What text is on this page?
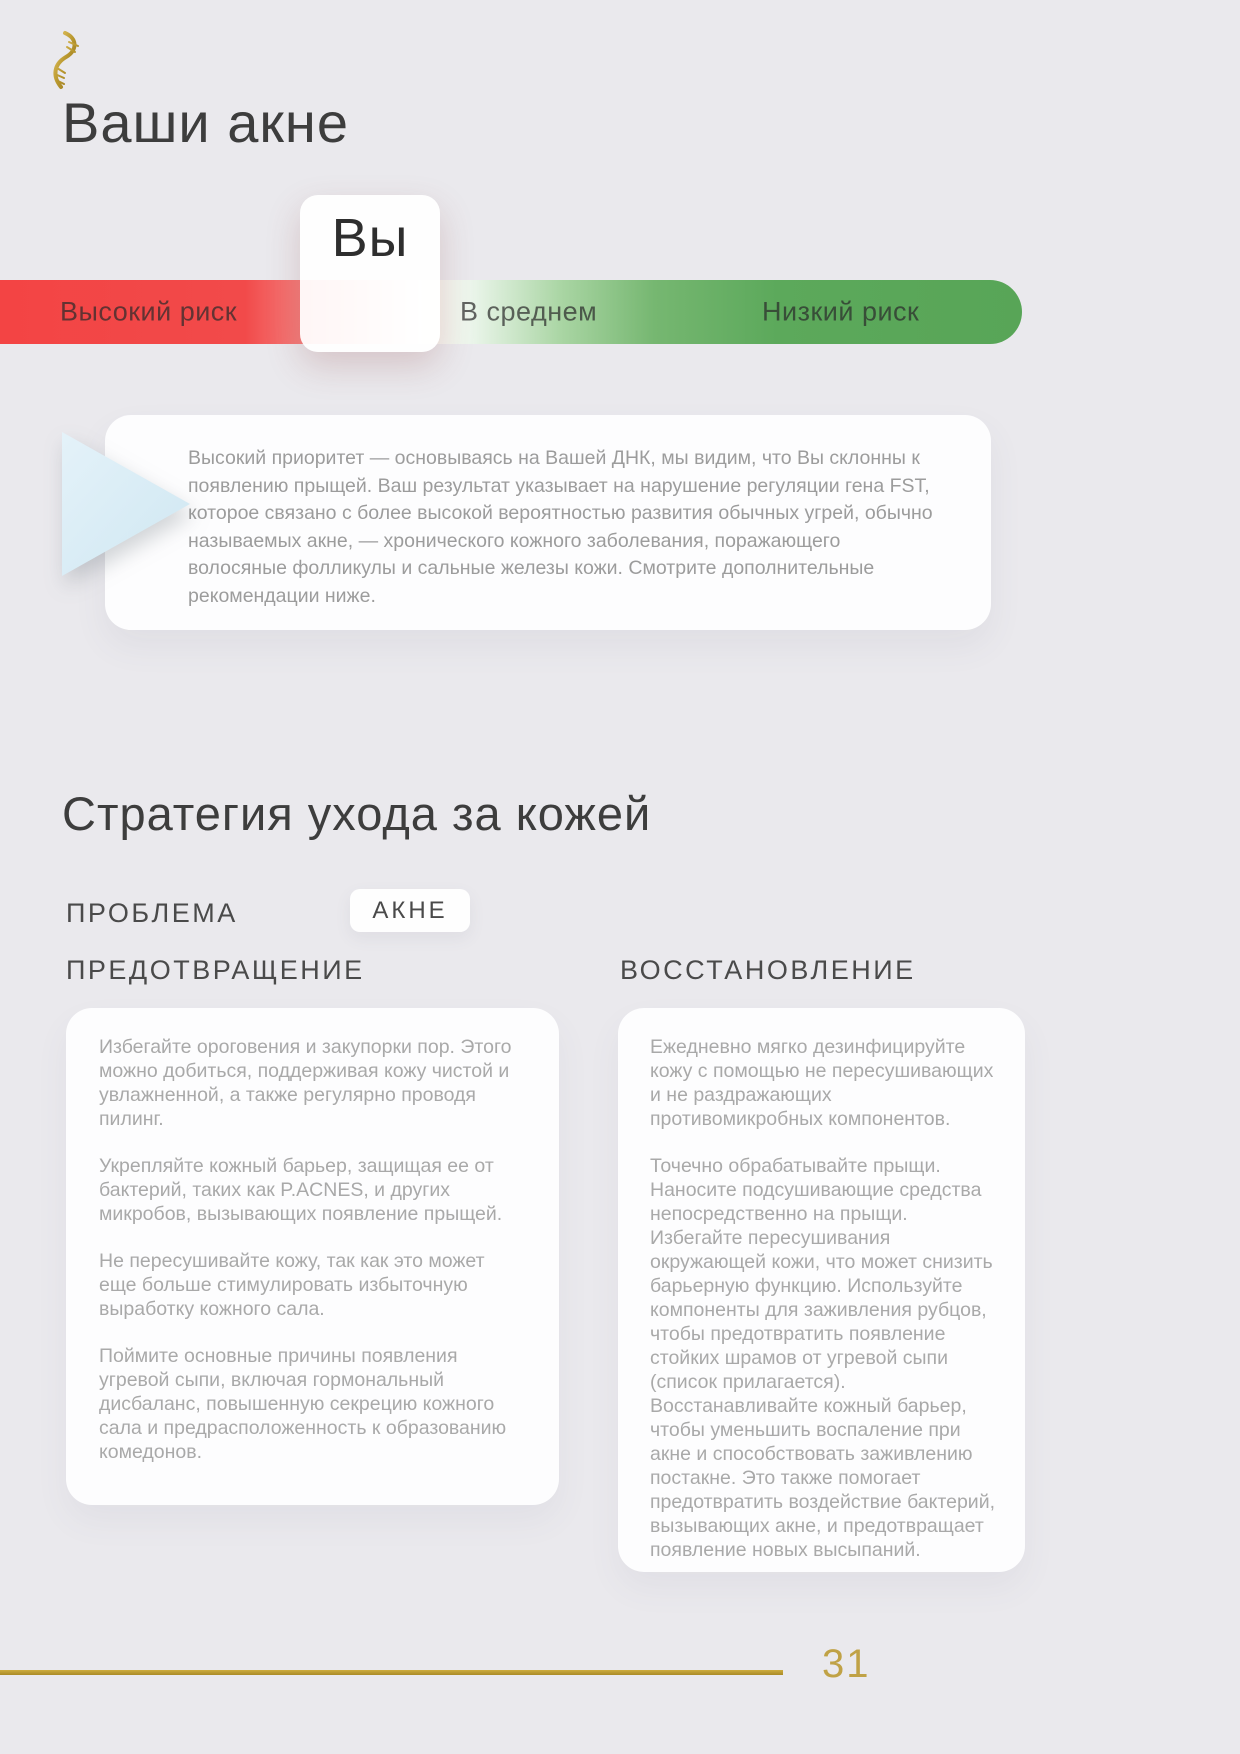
Ваши акне
Высокий риск	В среднем	Низкий риск
Вы

Высокий приоритет — основываясь на Вашей ДНК, мы видим, что Вы склонны к появлению прыщей. Ваш результат указывает на нарушение регуляции гена FST, которое связано с более высокой вероятностью развития обычных угрей, обычно называемых акне, — хронического кожного заболевания, поражающего волосяные фолликулы и сальные железы кожи. Смотрите дополнительные рекомендации ниже.

Стратегия ухода за кожей
ПРОБЛЕМА	АКНЕ
ПРЕДОТВРАЩЕНИЕ	ВОССТАНОВЛЕНИЕ

Избегайте ороговения и закупорки пор. Этого можно добиться, поддерживая кожу чистой и увлажненной, а также регулярно проводя пилинг.

Укрепляйте кожный барьер, защищая ее от бактерий, таких как P.ACNES, и других микробов, вызывающих появление прыщей.

Не пересушивайте кожу, так как это может еще больше стимулировать избыточную выработку кожного сала.

Поймите основные причины появления угревой сыпи, включая гормональный дисбаланс, повышенную секрецию кожного сала и предрасположенность к образованию комедонов.

Ежедневно мягко дезинфицируйте кожу с помощью не пересушивающих и не раздражающих противомикробных компонентов.

Точечно обрабатывайте прыщи. Наносите подсушивающие средства непосредственно на прыщи. Избегайте пересушивания окружающей кожи, что может снизить барьерную функцию. Используйте компоненты для заживления рубцов, чтобы предотвратить появление стойких шрамов от угревой сыпи (список прилагается). Восстанавливайте кожный барьер, чтобы уменьшить воспаление при акне и способствовать заживлению постакне. Это также помогает предотвратить воздействие бактерий, вызывающих акне, и предотвращает появление новых высыпаний.

31
